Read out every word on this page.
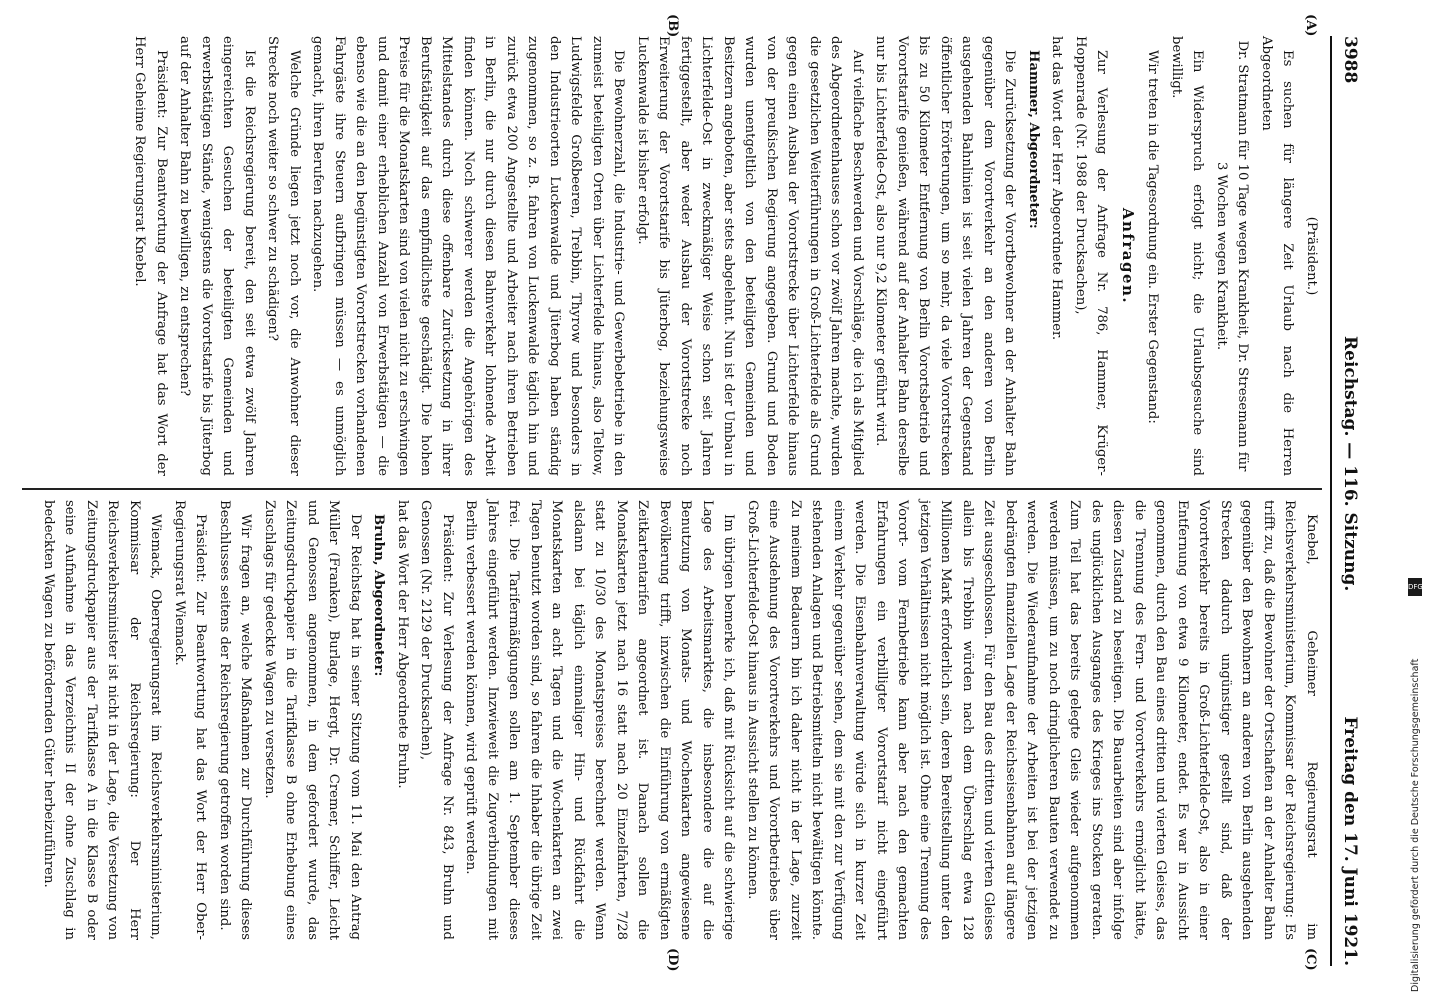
3988
Reichstag. — 116. Sitzung.
Freitag den 17. Juni 1921.
(A)
(B)
(C)
(D)

(Präsident.)

Es suchen für längere Zeit Urlaub nach die Herren Abgeordneten

Dr. Stratmann für 10 Tage wegen Krankheit, Dr. Stresemann für 3 Wochen wegen Krankheit.

Ein Widerspruch erfolgt nicht; die Urlaubsgesuche sind bewilligt.

Wir treten in die Tagesordnung ein. Erster Gegenstand:

Anfragen.

Zur Verlesung der Anfrage Nr. 786, Hammer, Krüger-Hoppenrade (Nr. 1988 der Drucksachen),

hat das Wort der Herr Abgeordnete Hammer.

Hammer, Abgeordneter:

Die Zurücksetzung der Vorortbewohner an der Anhalter Bahn gegenüber dem Vorortverkehr an den anderen von Berlin ausgehenden Bahnlinien ist seit vielen Jahren der Gegenstand öffentlicher Erörterungen, um so mehr, da viele Vorortstrecken bis zu 50 Kilometer Entfernung von Berlin Vorortsbetrieb und Vorortstarife genießen, während auf der Anhalter Bahn derselbe nur bis Lichterfelde-Ost, also nur 9,2 Kilometer geführt wird.

Auf vielfache Beschwerden und Vorschläge, die ich als Mitglied des Abgeordnetenhauses schon vor zwölf Jahren machte, wurden die gesetzlichen Weiterführungen in Groß-Lichterfelde als Grund gegen einen Ausbau der Vorortstrecke über Lichterfelde hinaus von der preußischen Regierung angegeben. Grund und Boden wurden unentgeltlich von den beteiligten Gemeinden und Besitzern angeboten, aber stets abgelehnt. Nun ist der Umbau in Lichterfelde-Ost in zweckmäßiger Weise schon seit Jahren fertiggestellt, aber weder Ausbau der Vorortstrecke noch Erweiterung der Vorortstarife bis Jüterbog, beziehungsweise Luckenwalde ist bisher erfolgt.

Die Bewohnerzahl, die Industrie- und Gewerbebetriebe in den zumeist beteiligten Orten über Lichterfelde hinaus, also Teltow, Ludwigsfelde Großbeeren, Trebbin, Thyrow und besonders in den Industrieorten Luckenwalde und Jüterbog haben ständig zugenommen, so z. B. fahren von Luckenwalde täglich hin und zurück etwa 200 Angestellte und Arbeiter nach ihren Betrieben in Berlin, die nur durch diesen Bahnverkehr lohnende Arbeit finden können. Noch schwerer werden die Angehörigen des Mittelstandes durch diese offenbare Zurücksetzung in ihrer Berufstätigkeit auf das empfindlichste geschädigt. Die hohen Preise für die Monatskarten sind von vielen nicht zu erschwingen und damit einer erheblichen Anzahl von Erwerbstätigen — die ebenso wie die an den begünstigten Vorortstrecken vorhandenen Fahrgäste ihre Steuern aufbringen müssen — es unmöglich gemacht, ihren Berufen nachzugehen.

Welche Gründe liegen jetzt noch vor, die Anwohner dieser Strecke noch weiter so schwer zu schädigen?

Ist die Reichsregierung bereit, den seit etwa zwölf Jahren eingereichten Gesuchen der beteiligten Gemeinden und erwerbstätigen Stände, wenigstens die Vorortstarife bis Jüterbog auf der Anhalter Bahn zu bewilligen, zu entsprechen?

Präsident: Zur Beantwortung der Anfrage hat das Wort der Herr Geheime Regierungsrat Knebel.

Knebel, Geheimer Regierungsrat im Reichsverkehrsministerium, Kommissar der Reichsregierung: Es trifft zu, daß die Bewohner der Ortschaften an der Anhalter Bahn gegenüber den Bewohnern an anderen von Berlin ausgehenden Strecken dadurch ungünstiger gestellt sind, daß der Vorortverkehr bereits in Groß-Lichterfelde-Ost, also in einer Entfernung von etwa 9 Kilometer, endet. Es war in Aussicht genommen, durch den Bau eines dritten und vierten Gleises, das die Trennung des Fern- und Vorortverkehrs ermöglicht hätte, diesen Zustand zu beseitigen. Die Bauarbeiten sind aber infolge des unglücklichen Ausganges des Krieges ins Stocken geraten. Zum Teil hat das bereits gelegte Gleis wieder aufgenommen werden müssen, um zu noch dringlicheren Bauten verwendet zu werden. Die Wiederaufnahme der Arbeiten ist bei der jetzigen bedrängten finanziellen Lage der Reichseisenbahnen auf längere Zeit ausgeschlossen. Für den Bau des dritten und vierten Gleises allein bis Trebbin würden nach dem Überschlag etwa 128 Millionen Mark erforderlich sein, deren Bereitstellung unter den jetzigen Verhältnissen nicht möglich ist. Ohne eine Trennung des Vorort- vom Fernbetriebe kann aber nach den gemachten Erfahrungen ein verbilligter Vorortstarif nicht eingeführt werden. Die Eisenbahnverwaltung würde sich in kurzer Zeit einem Verkehr gegenüber sehen, dem sie mit den zur Verfügung stehenden Anlagen und Betriebsmitteln nicht bewältigen könnte. Zu meinem Bedauern bin ich daher nicht in der Lage, zurzeit eine Ausdehnung des Vorortverkehrs und Vorortbetriebes über Groß-Lichterfelde-Ost hinaus in Aussicht stellen zu können.

Im übrigen bemerke ich, daß mit Rücksicht auf die schwierige Lage des Arbeitsmarktes, die insbesondere die auf die Benutzung von Monats- und Wochenkarten angewiesene Bevölkerung trifft, inzwischen die Einführung von ermäßigten Zeitkartentarifen angeordnet ist. Danach sollen die Monatskarten jetzt nach 16 statt nach 20 Einzelfahrten, 7/28 statt zu 10/30 des Monatspreises berechnet werden. Wenn alsdann bei täglich einmaliger Hin- und Rückfahrt die Monatskarten an acht Tagen und die Wochenkarten an zwei Tagen benutzt worden sind, so fahren die Inhaber die übrige Zeit frei. Die Tarifermäßigungen sollen am 1. September dieses Jahres eingeführt werden. Inzwieweit die Zugverbindungen mit Berlin verbessert werden können, wird geprüft werden.

Präsident: Zur Verlesung der Anfrage Nr. 843, Bruhn und Genossen (Nr. 2129 der Drucksachen),

hat das Wort der Herr Abgeordnete Bruhn.

Bruhn, Abgeordneter:

Der Reichstag hat in seiner Sitzung vom 11. Mai den Antrag Müller (Franken), Burlage, Hergt, Dr. Cremer, Schiffer, Leicht und Genossen angenommen, in dem gefordert wurde, das Zeitungsdruckpapier in die Tarifklasse B ohne Erhebung eines Zuschlags für gedeckte Wagen zu versetzen.

Wir fragen an, welche Maßnahmen zur Durchführung dieses Beschlusses seitens der Reichsregierung getroffen worden sind.

Präsident: Zur Beantwortung hat das Wort der Herr Ober-Regierungsrat Wiemack.

Wiemack, Oberregierungsrat im Reichsverkehrsministerium, Kommissar der Reichsregierung: Der Herr Reichsverkehrsminister ist nicht in der Lage, die Versetzung von Zeitungsdruckpapier aus der Tarifklasse A in die Klasse B oder seine Aufnahme in das Verzeichnis II der ohne Zuschlag in bedeckten Wagen zu befördernden Güter herbeizuführen.	Digitalisierung gefördert durch die Deutsche Forschungsgemeinschaft
DFG
